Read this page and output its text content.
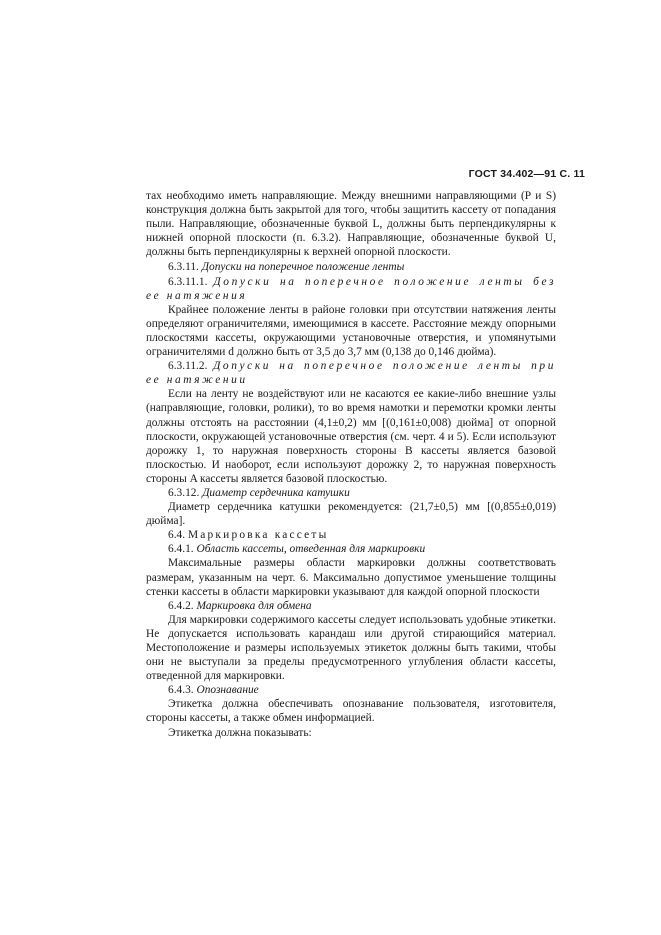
ГОСТ 34.402—91 С. 11

тах необходимо иметь направляющие. Между внешними направляющими (P и S) конструкция должна быть закрытой для того, чтобы защитить кассету от попадания пыли. Направляющие, обозначенные буквой L, должны быть перпендикулярны к нижней опорной плоскости (п. 6.3.2). Направляющие, обозначенные буквой U, должны быть перпендикулярны к верхней опорной плоскости.

6.3.11. Допуски на поперечное положение ленты

6.3.11.1. Допуски на поперечное положение ленты без ее натяжения

Крайнее положение ленты в районе головки при отсутствии натяжения ленты определяют ограничителями, имеющимися в кассете. Расстояние между опорными плоскостями кассеты, окружающими установочные отверстия, и упомянутыми ограничителями d должно быть от 3,5 до 3,7 мм (0,138 до 0,146 дюйма).

6.3.11.2. Допуски на поперечное положение ленты при ее натяжении

Если на ленту не воздействуют или не касаются ее какие-либо внешние узлы (направляющие, головки, ролики), то во время намотки и перемотки кромки ленты должны отстоять на расстоянии (4,1±0,2) мм [(0,161±0,008) дюйма] от опорной плоскости, окружающей установочные отверстия (см. черт. 4 и 5). Если используют дорожку 1, то наружная поверхность стороны B кассеты является базовой плоскостью. И наоборот, если используют дорожку 2, то наружная поверхность стороны A кассеты является базовой плоскостью.

6.3.12. Диаметр сердечника катушки

Диаметр сердечника катушки рекомендуется: (21,7±0,5) мм [(0,855±0,019) дюйма].

6.4. Маркировка кассеты

6.4.1. Область кассеты, отведенная для маркировки

Максимальные размеры области маркировки должны соответствовать размерам, указанным на черт. 6. Максимально допустимое уменьшение толщины стенки кассеты в области маркировки указывают для каждой опорной плоскости

6.4.2. Маркировка для обмена

Для маркировки содержимого кассеты следует использовать удобные этикетки. Не допускается использовать карандаш или другой стирающийся материал. Местоположение и размеры используемых этикеток должны быть такими, чтобы они не выступали за пределы предусмотренного углубления области кассеты, отведенной для маркировки.

6.4.3. Опознавание

Этикетка должна обеспечивать опознавание пользователя, изготовителя, стороны кассеты, а также обмен информацией.

Этикетка должна показывать:
